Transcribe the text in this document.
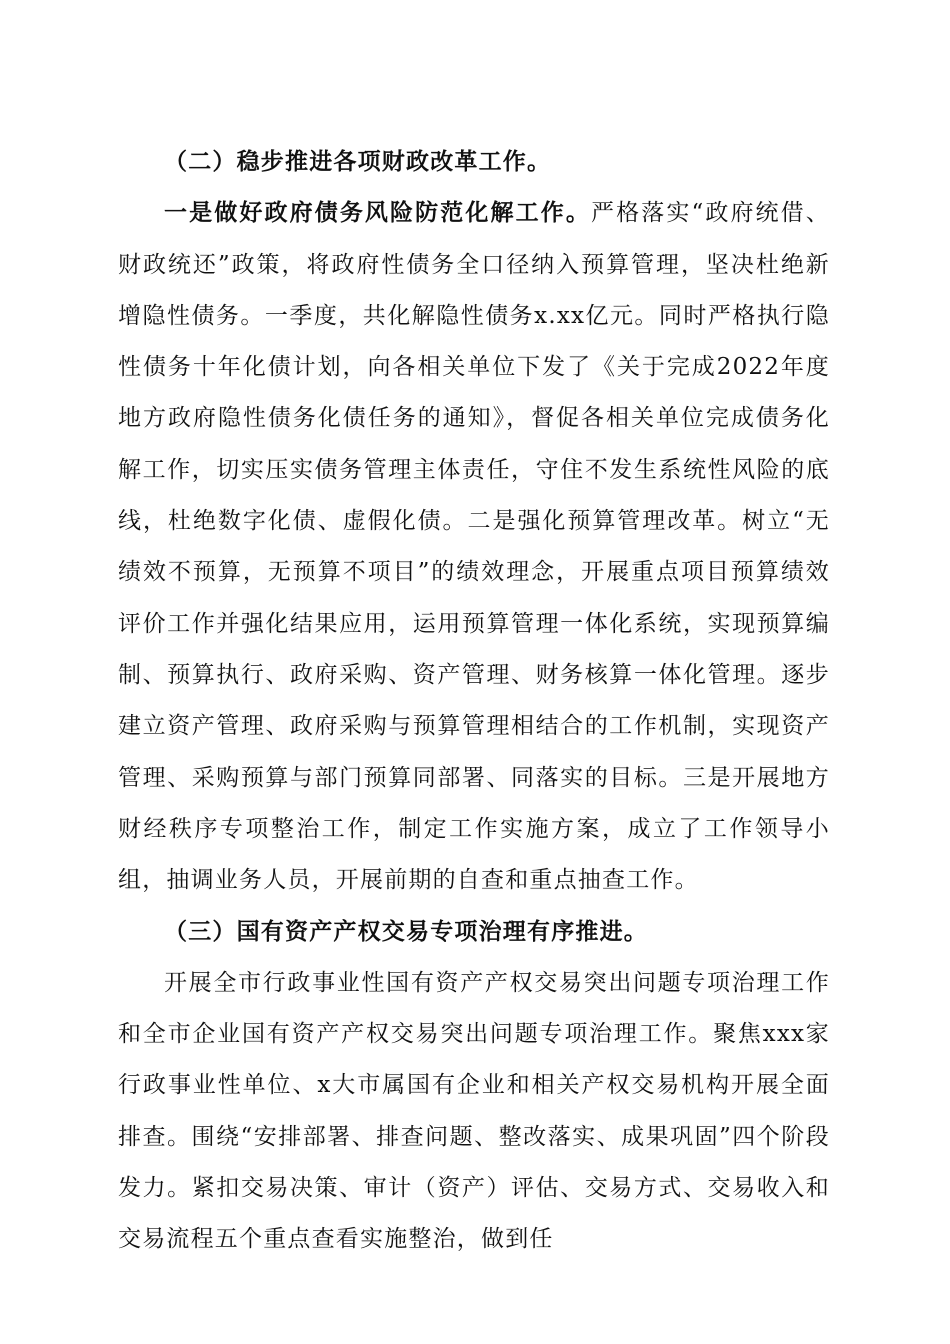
（二）稳步推进各项财政改革工作。

一是做好政府债务风险防范化解工作。严格落实“政府统借、财政统还”政策，将政府性债务全口径纳入预算管理，坚决杜绝新增隐性债务。一季度，共化解隐性债务x.xx亿元。同时严格执行隐性债务十年化债计划，向各相关单位下发了《关于完成2022年度地方政府隐性债务化债任务的通知》，督促各相关单位完成债务化解工作，切实压实债务管理主体责任，守住不发生系统性风险的底线，杜绝数字化债、虚假化债。二是强化预算管理改革。树立“无绩效不预算，无预算不项目”的绩效理念，开展重点项目预算绩效评价工作并强化结果应用，运用预算管理一体化系统，实现预算编制、预算执行、政府采购、资产管理、财务核算一体化管理。逐步建立资产管理、政府采购与预算管理相结合的工作机制，实现资产管理、采购预算与部门预算同部署、同落实的目标。三是开展地方财经秩序专项整治工作，制定工作实施方案，成立了工作领导小组，抽调业务人员，开展前期的自查和重点抽查工作。

（三）国有资产产权交易专项治理有序推进。

开展全市行政事业性国有资产产权交易突出问题专项治理工作和全市企业国有资产产权交易突出问题专项治理工作。聚焦xxx家行政事业性单位、x大市属国有企业和相关产权交易机构开展全面排查。围绕“安排部署、排查问题、整改落实、成果巩固”四个阶段发力。紧扣交易决策、审计（资产）评估、交易方式、交易收入和交易流程五个重点查看实施整治，做到任
